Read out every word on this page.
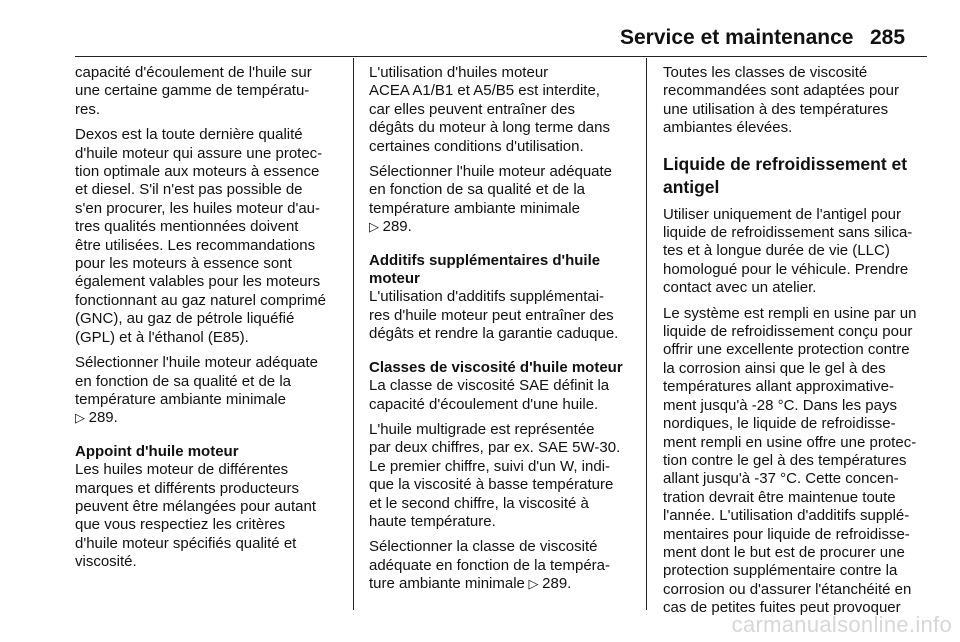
Service et maintenance 285

capacité d'écoulement de l'huile sur
une certaine gamme de températu‐
res.

Dexos est la toute dernière qualité
d'huile moteur qui assure une protec‐
tion optimale aux moteurs à essence
et diesel. S'il n'est pas possible de
s'en procurer, les huiles moteur d'au‐
tres qualités mentionnées doivent
être utilisées. Les recommandations
pour les moteurs à essence sont
également valables pour les moteurs
fonctionnant au gaz naturel comprimé
(GNC), au gaz de pétrole liquéfié
(GPL) et à l'éthanol (E85).

Sélectionner l'huile moteur adéquate
en fonction de sa qualité et de la
température ambiante minimale

▷ 289.
Appoint d'huile moteur

Les huiles moteur de différentes
marques et différents producteurs
peuvent être mélangées pour autant
que vous respectiez les critères
d'huile moteur spécifiés qualité et
viscosité.

L'utilisation d'huiles moteur
ACEA A1/B1 et A5/B5 est interdite,
car elles peuvent entraîner des
dégâts du moteur à long terme dans
certaines conditions d'utilisation.

Sélectionner l'huile moteur adéquate
en fonction de sa qualité et de la
température ambiante minimale

▷ 289.
Additifs supplémentaires d'huile
moteur

L'utilisation d'additifs supplémentai‐
res d'huile moteur peut entraîner des
dégâts et rendre la garantie caduque.

Classes de viscosité d'huile moteur

La classe de viscosité SAE définit la
capacité d'écoulement d'une huile.

L'huile multigrade est représentée
par deux chiffres, par ex. SAE 5W-30.
Le premier chiffre, suivi d'un W, indi‐
que la viscosité à basse température
et le second chiffre, la viscosité à
haute température.

Sélectionner la classe de viscosité
adéquate en fonction de la tempéra‐

ture ambiante minimale ▷ 289.

Toutes les classes de viscosité
recommandées sont adaptées pour
une utilisation à des températures
ambiantes élevées.

Liquide de refroidissement et
antigel

Utiliser uniquement de l'antigel pour
liquide de refroidissement sans silica‐
tes et à longue durée de vie (LLC)
homologué pour le véhicule. Prendre
contact avec un atelier.

Le système est rempli en usine par un
liquide de refroidissement conçu pour
offrir une excellente protection contre
la corrosion ainsi que le gel à des
températures allant approximative‐
ment jusqu'à -28 °C. Dans les pays
nordiques, le liquide de refroidisse‐
ment rempli en usine offre une protec‐
tion contre le gel à des températures
allant jusqu'à -37 °C. Cette concen‐
tration devrait être maintenue toute
l'année. L'utilisation d'additifs supplé‐
mentaires pour liquide de refroidisse‐
ment dont le but est de procurer une
protection supplémentaire contre la
corrosion ou d'assurer l'étanchéité en
cas de petites fuites peut provoquer

carmanualsonline.info
